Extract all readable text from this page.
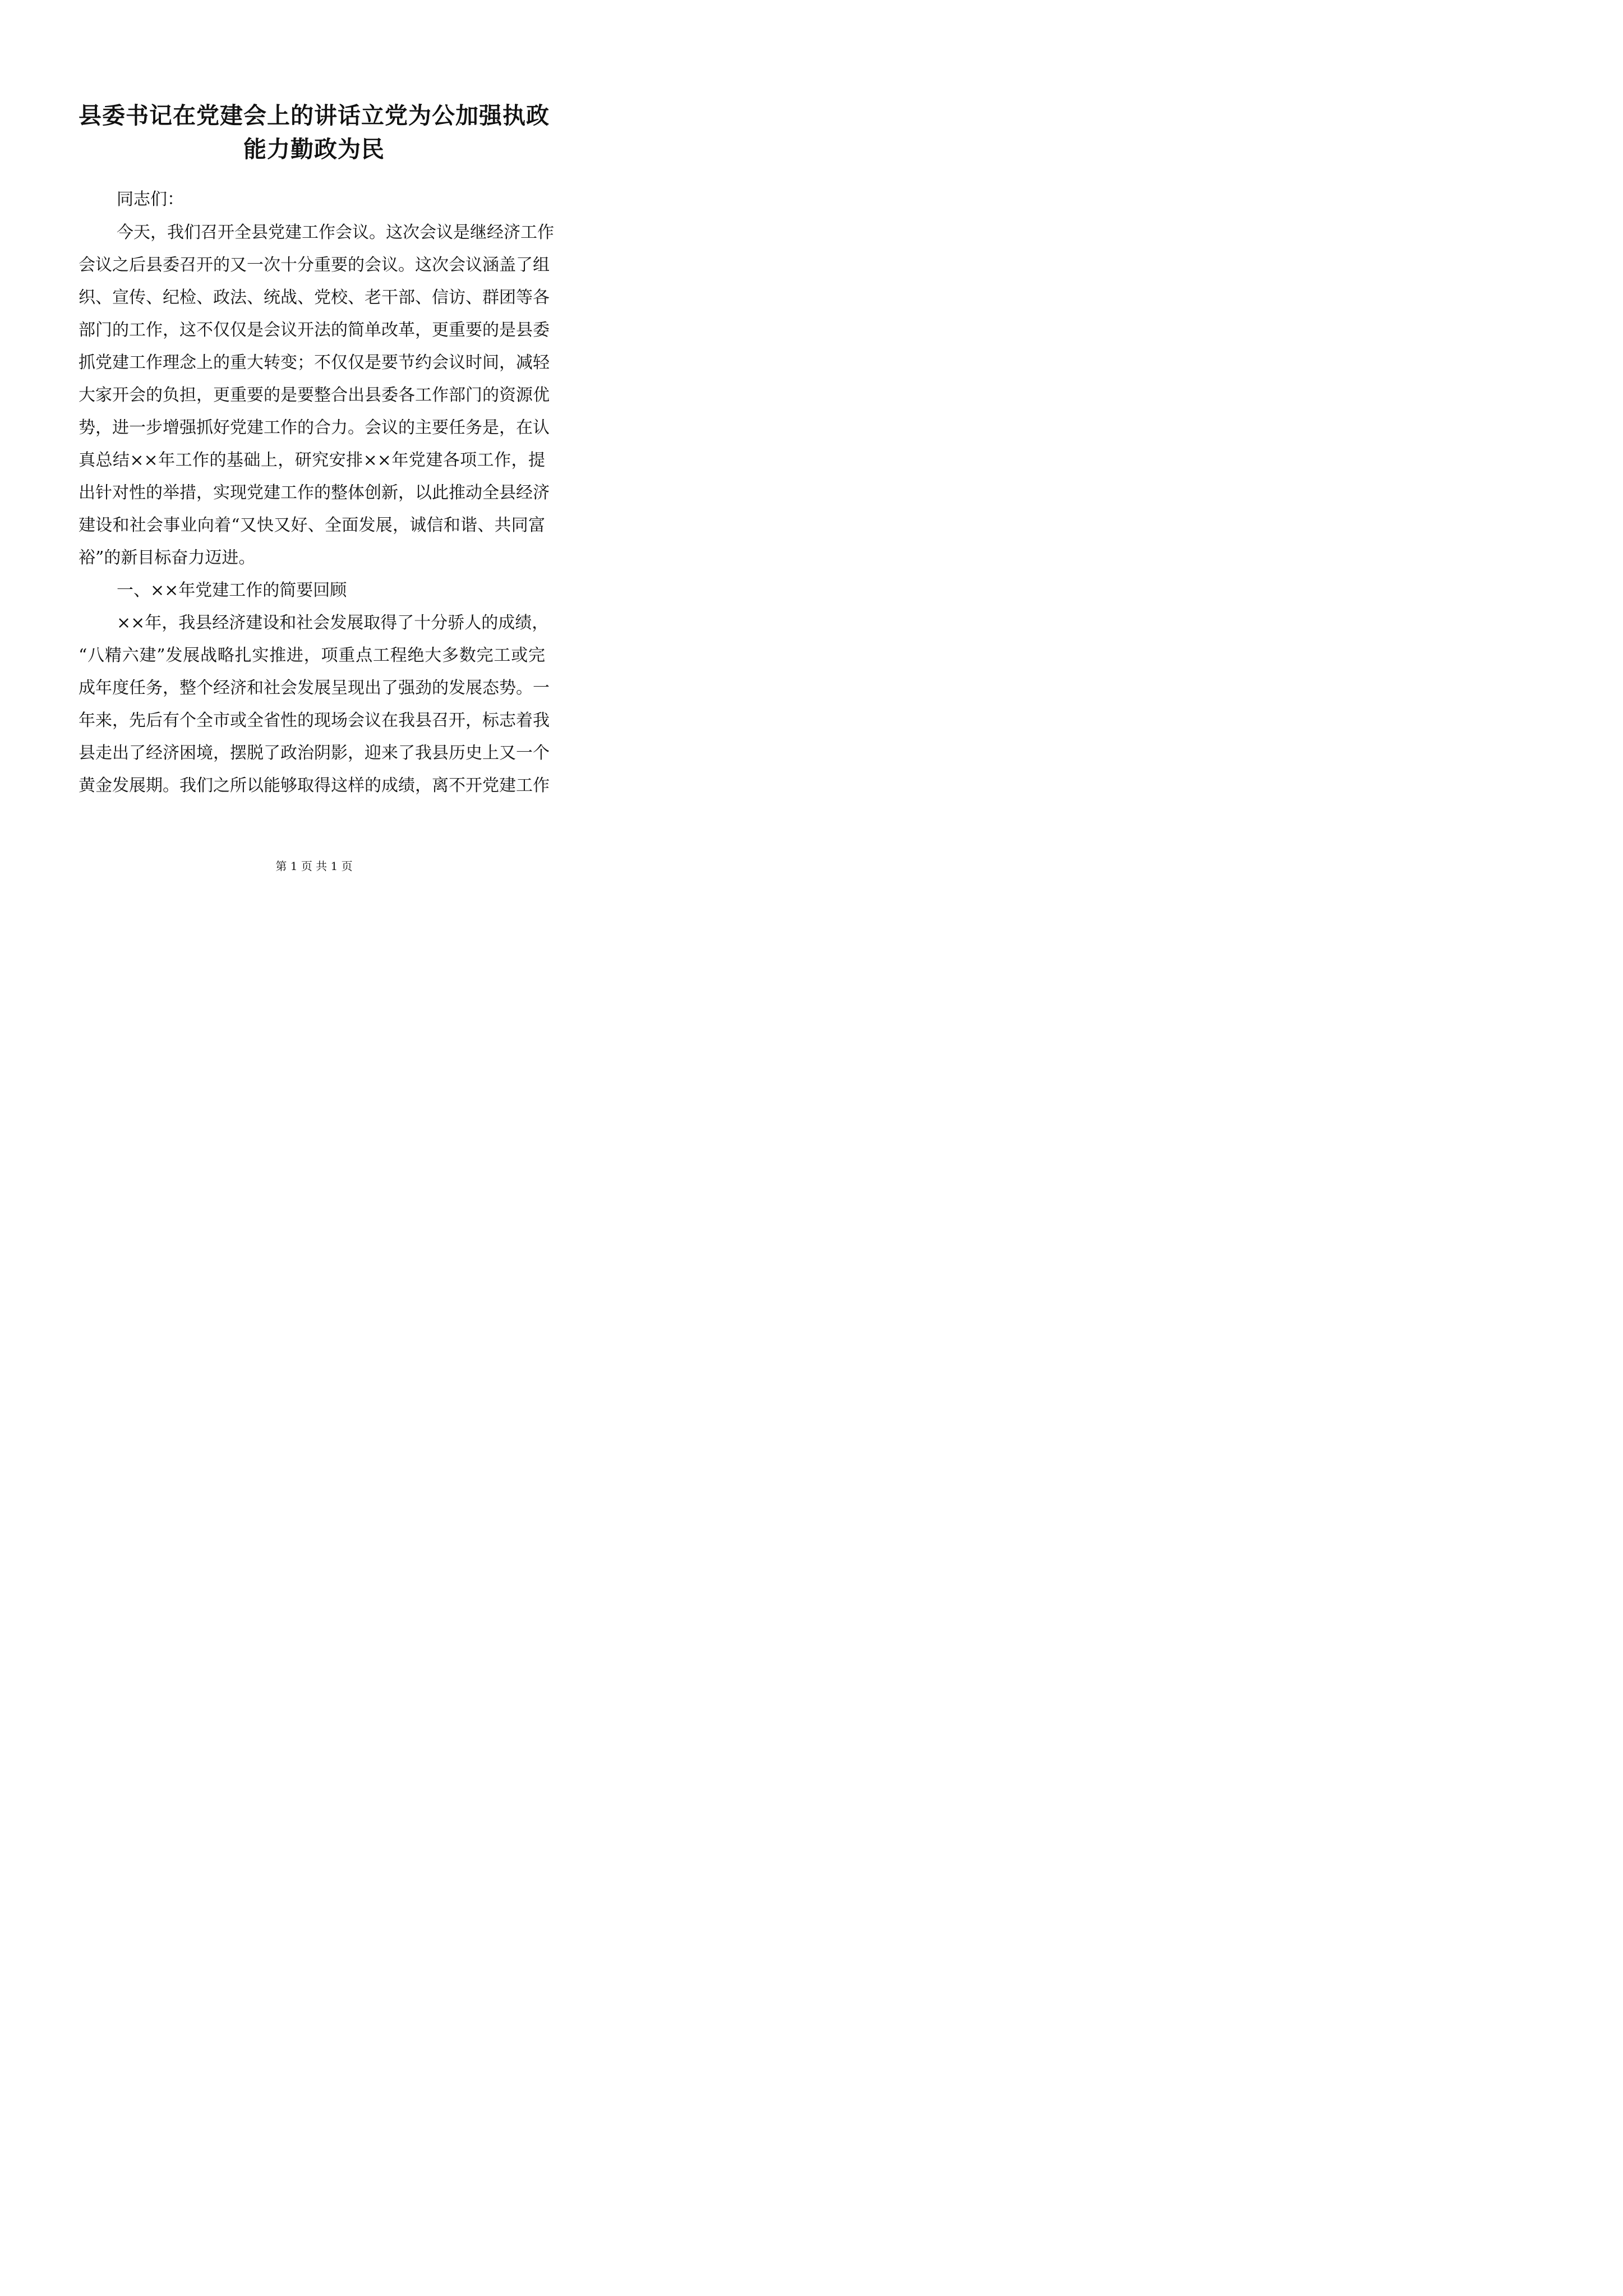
县委书记在党建会上的讲话立党为公加强执政
能力勤政为民
同志们：
今天，我们召开全县党建工作会议。这次会议是继经济工作
会议之后县委召开的又一次十分重要的会议。这次会议涵盖了组
织、宣传、纪检、政法、统战、党校、老干部、信访、群团等各
部门的工作，这不仅仅是会议开法的简单改革，更重要的是县委
抓党建工作理念上的重大转变；不仅仅是要节约会议时间，减轻
大家开会的负担，更重要的是要整合出县委各工作部门的资源优
势，进一步增强抓好党建工作的合力。会议的主要任务是，在认
真总结××年工作的基础上，研究安排××年党建各项工作，提
出针对性的举措，实现党建工作的整体创新，以此推动全县经济
建设和社会事业向着“又快又好、全面发展，诚信和谐、共同富
裕”的新目标奋力迈进。
一、××年党建工作的简要回顾
××年，我县经济建设和社会发展取得了十分骄人的成绩，
“八精六建”发展战略扎实推进，项重点工程绝大多数完工或完
成年度任务，整个经济和社会发展呈现出了强劲的发展态势。一
年来，先后有个全市或全省性的现场会议在我县召开，标志着我
县走出了经济困境，摆脱了政治阴影，迎来了我县历史上又一个
黄金发展期。我们之所以能够取得这样的成绩，离不开党建工作
第 1 页 共 1 页
